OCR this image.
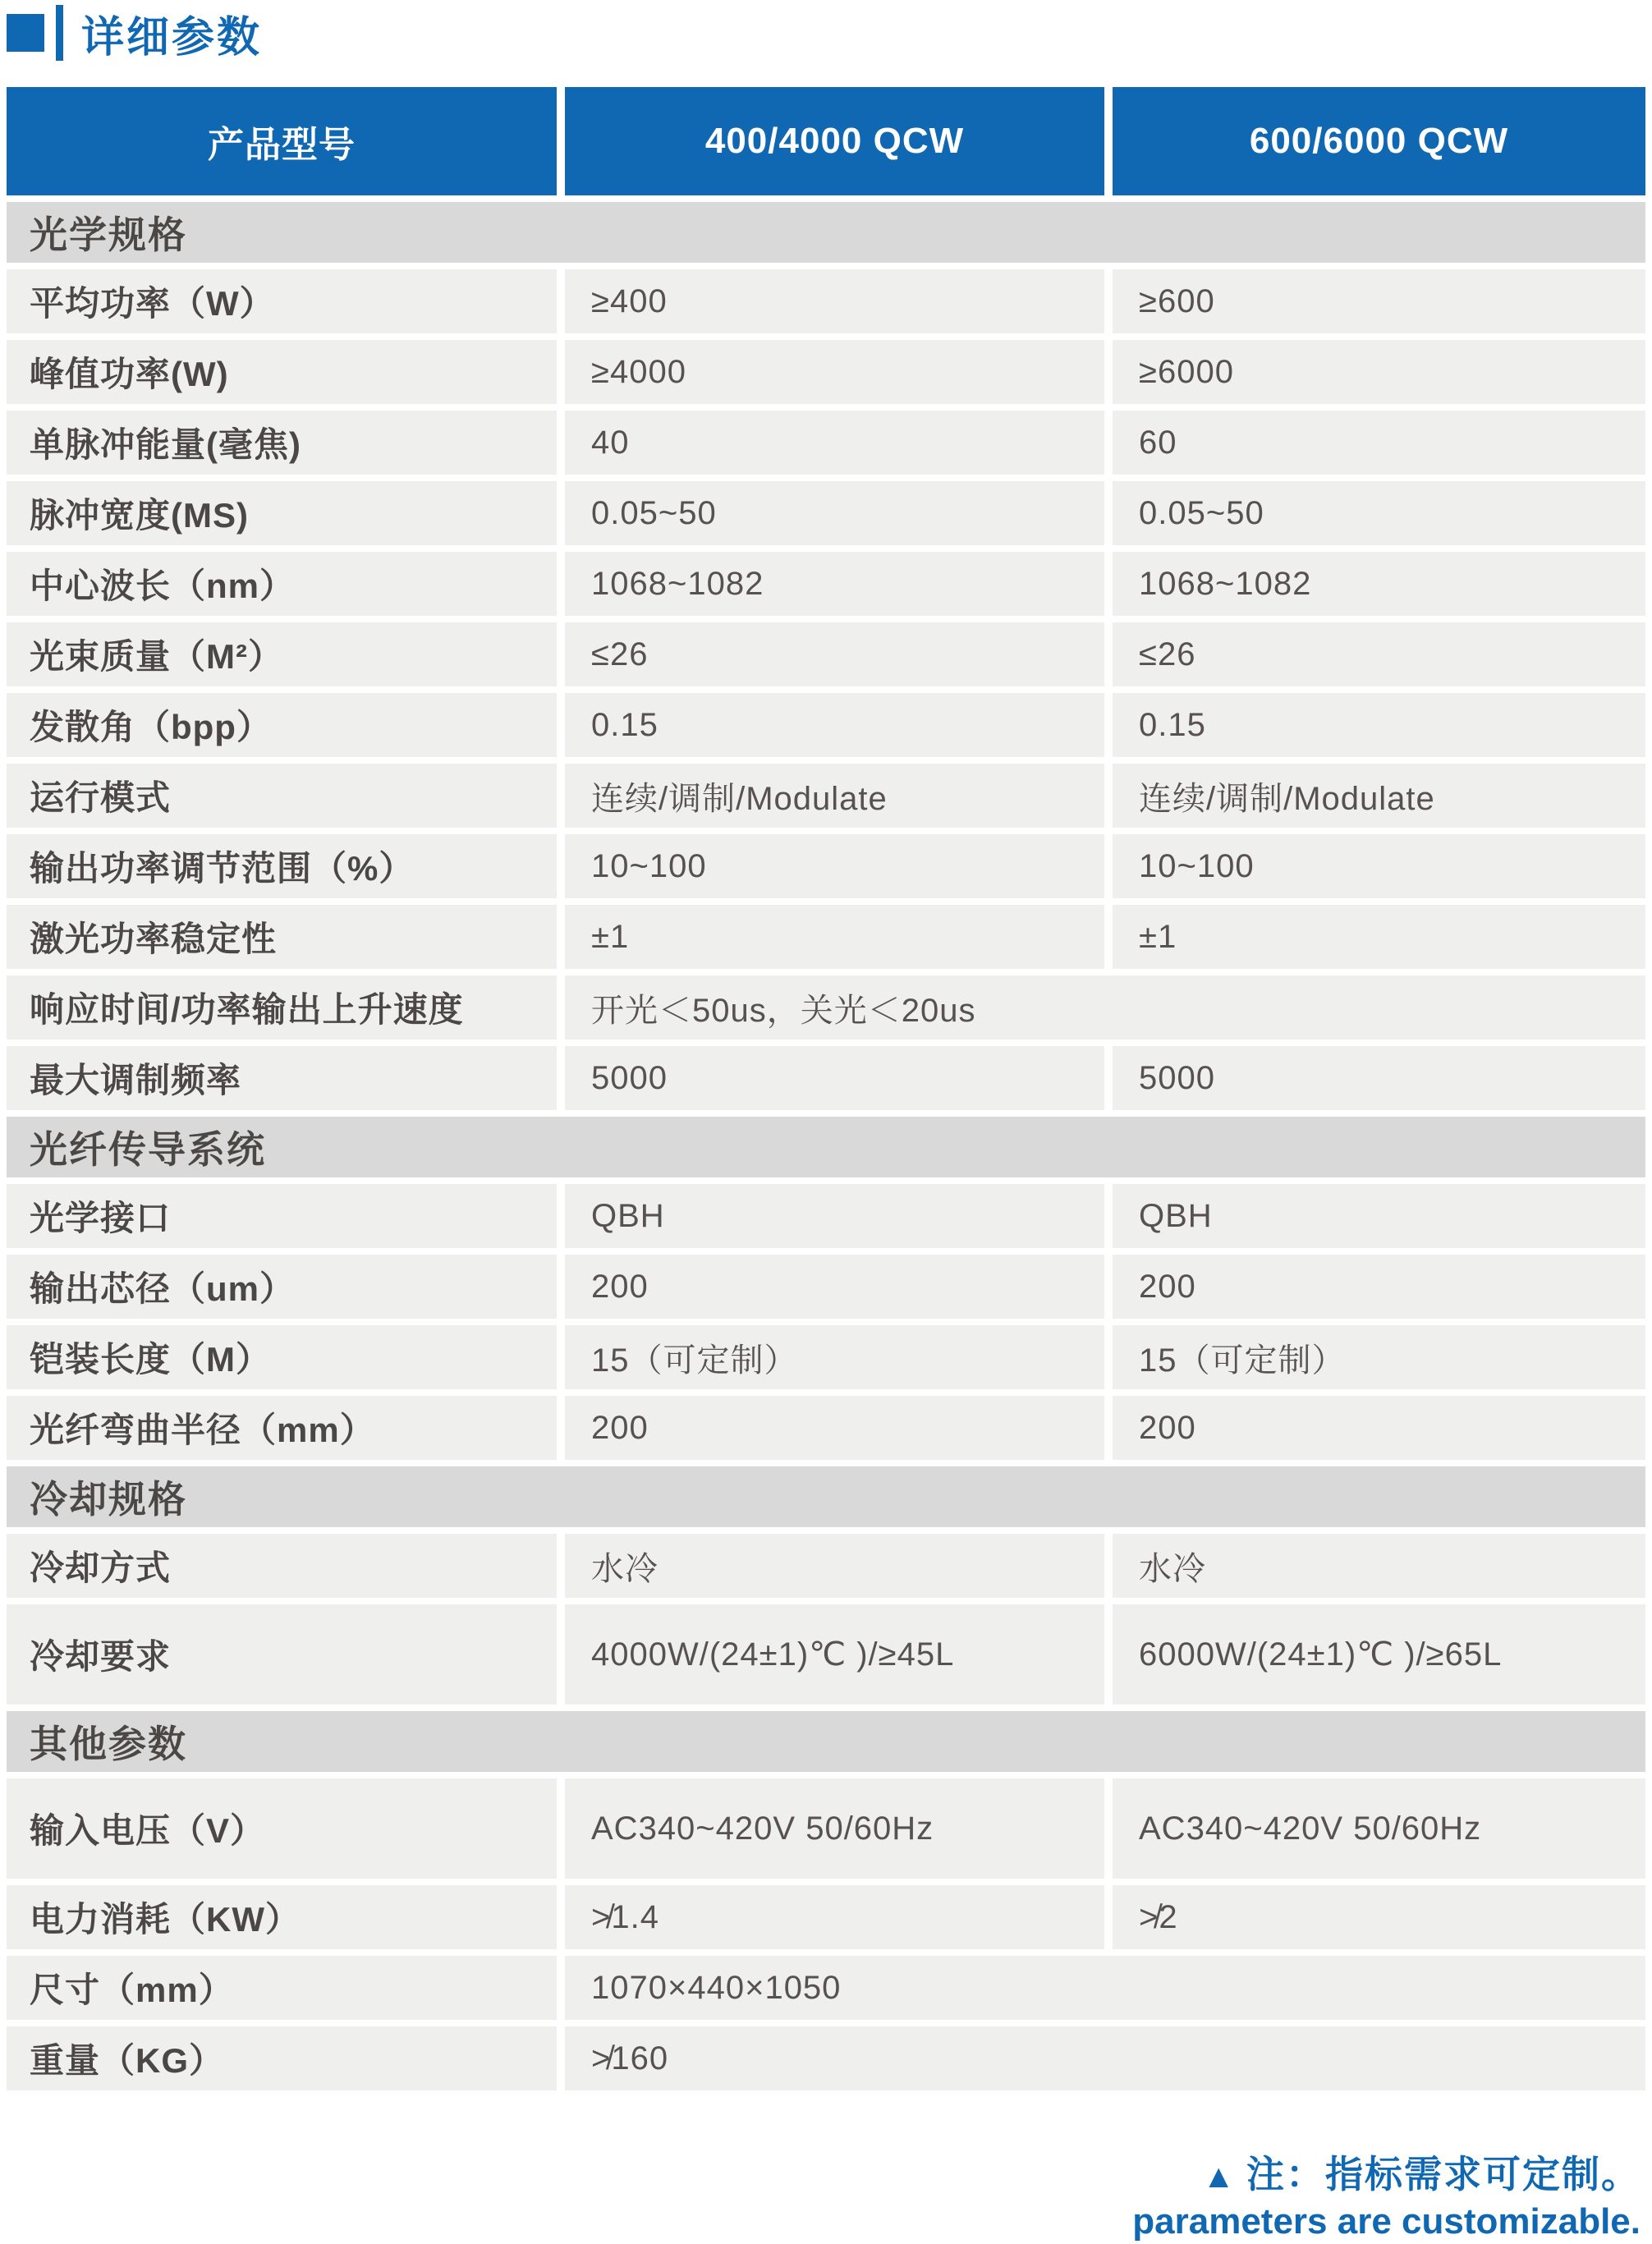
详细参数
产品型号	400/4000 QCW	600/6000 QCW
光学规格
平均功率（W）	≥400	≥600
峰值功率(W)	≥4000	≥6000
单脉冲能量(毫焦)	40	60
脉冲宽度(MS)	0.05~50	0.05~50
中心波长（nm）	1068~1082	1068~1082
光束质量（M²）	≤26	≤26
发散角（bpp）	0.15	0.15
运行模式	连续/调制/Modulate	连续/调制/Modulate
输出功率调节范围（%）	10~100	10~100
激光功率稳定性	±1	±1
响应时间/功率输出上升速度	开光＜50us，关光＜20us
最大调制频率	5000	5000
光纤传导系统
光学接口	QBH	QBH
输出芯径（um）	200	200
铠装长度（M）	15（可定制）	15（可定制）
光纤弯曲半径（mm）	200	200
冷却规格
冷却方式	水冷	水冷
冷却要求	4000W/(24±1)℃ )/≥45L	6000W/(24±1)℃ )/≥65L
其他参数
输入电压（V）	AC340~420V 50/60Hz	AC340~420V 50/60Hz
电力消耗（KW）	≯1.4	≯2
尺寸（mm）	1070×440×1050
重量（KG）	≯160
▲ 注：指标需求可定制。
parameters are customizable.
